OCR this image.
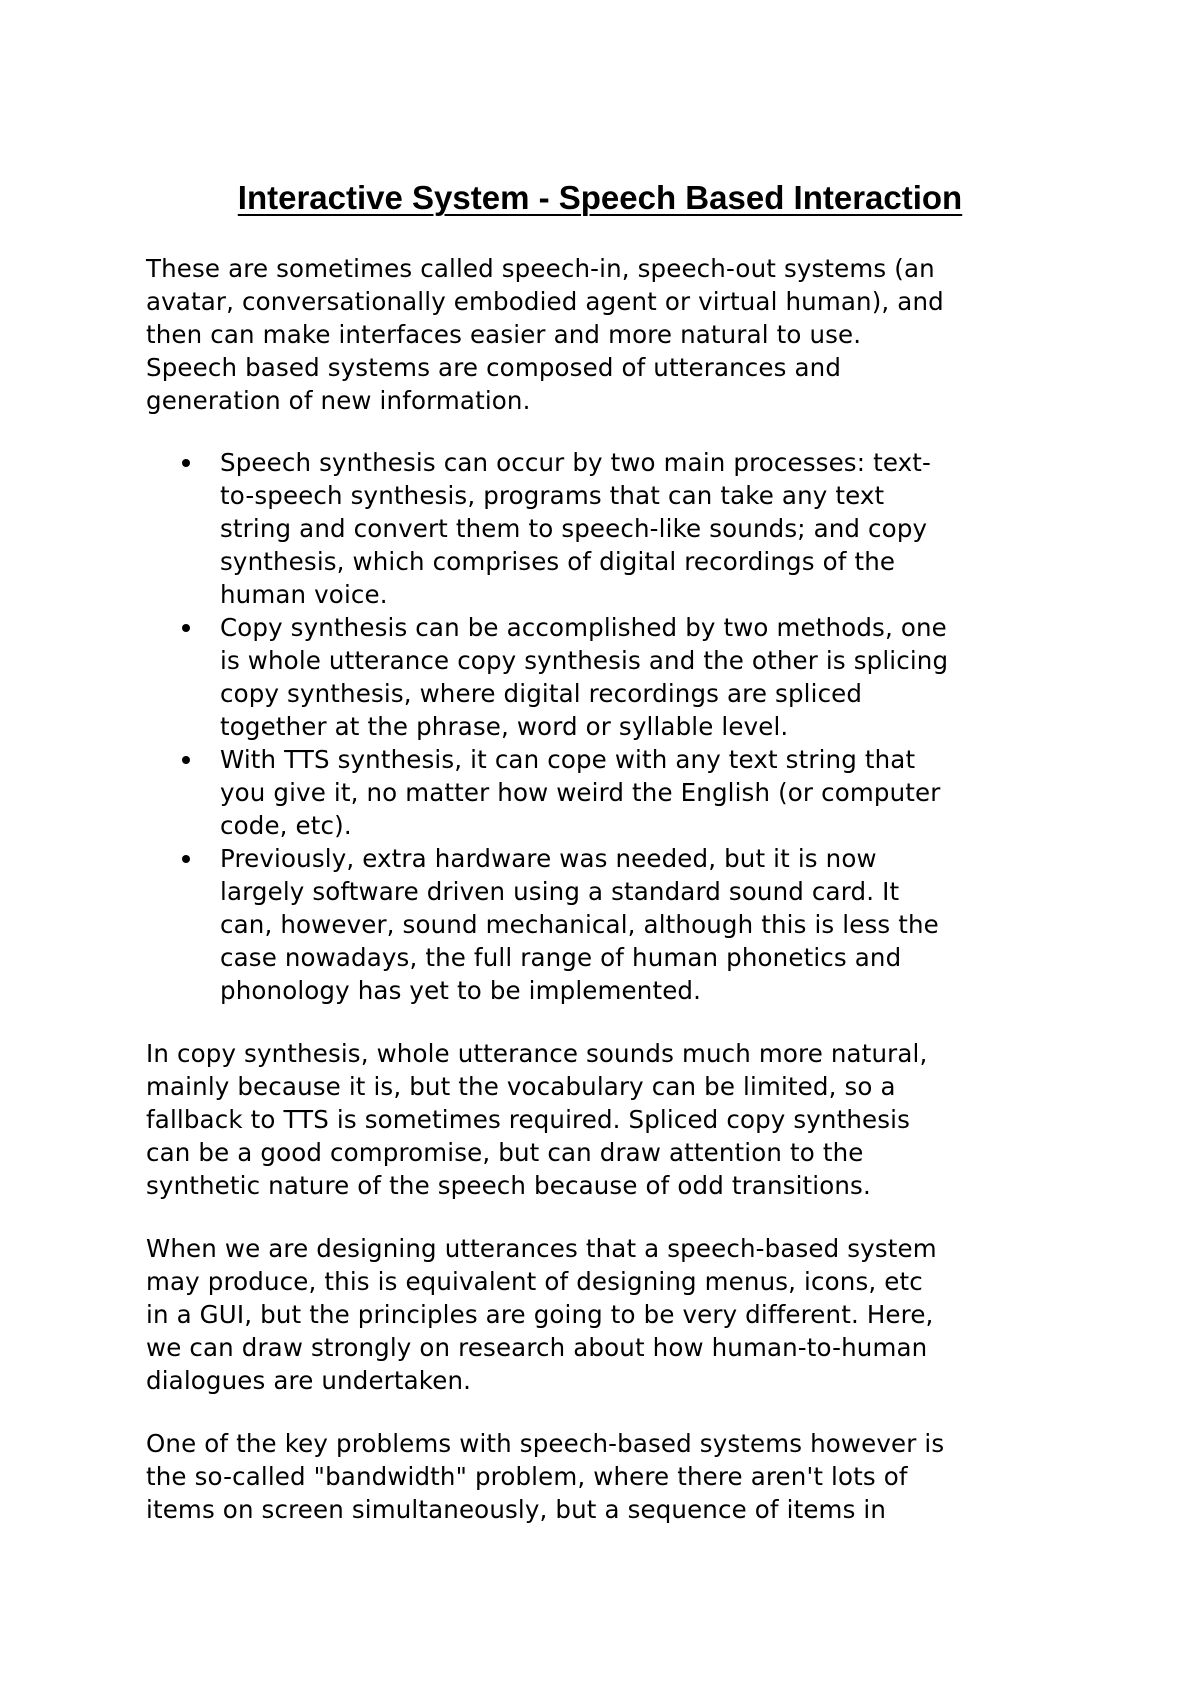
Interactive System - Speech Based Interaction

These are sometimes called speech-in, speech-out systems (an
avatar, conversationally embodied agent or virtual human), and
then can make interfaces easier and more natural to use.
Speech based systems are composed of utterances and
generation of new information.

Speech synthesis can occur by two main processes: text-
to-speech synthesis, programs that can take any text
string and convert them to speech-like sounds; and copy
synthesis, which comprises of digital recordings of the
human voice.
Copy synthesis can be accomplished by two methods, one
is whole utterance copy synthesis and the other is splicing
copy synthesis, where digital recordings are spliced
together at the phrase, word or syllable level.
With TTS synthesis, it can cope with any text string that
you give it, no matter how weird the English (or computer
code, etc).
Previously, extra hardware was needed, but it is now
largely software driven using a standard sound card. It
can, however, sound mechanical, although this is less the
case nowadays, the full range of human phonetics and
phonology has yet to be implemented.

In copy synthesis, whole utterance sounds much more natural,
mainly because it is, but the vocabulary can be limited, so a
fallback to TTS is sometimes required. Spliced copy synthesis
can be a good compromise, but can draw attention to the
synthetic nature of the speech because of odd transitions.

When we are designing utterances that a speech-based system
may produce, this is equivalent of designing menus, icons, etc
in a GUI, but the principles are going to be very different. Here,
we can draw strongly on research about how human-to-human
dialogues are undertaken.

One of the key problems with speech-based systems however is
the so-called "bandwidth" problem, where there aren't lots of
items on screen simultaneously, but a sequence of items in
